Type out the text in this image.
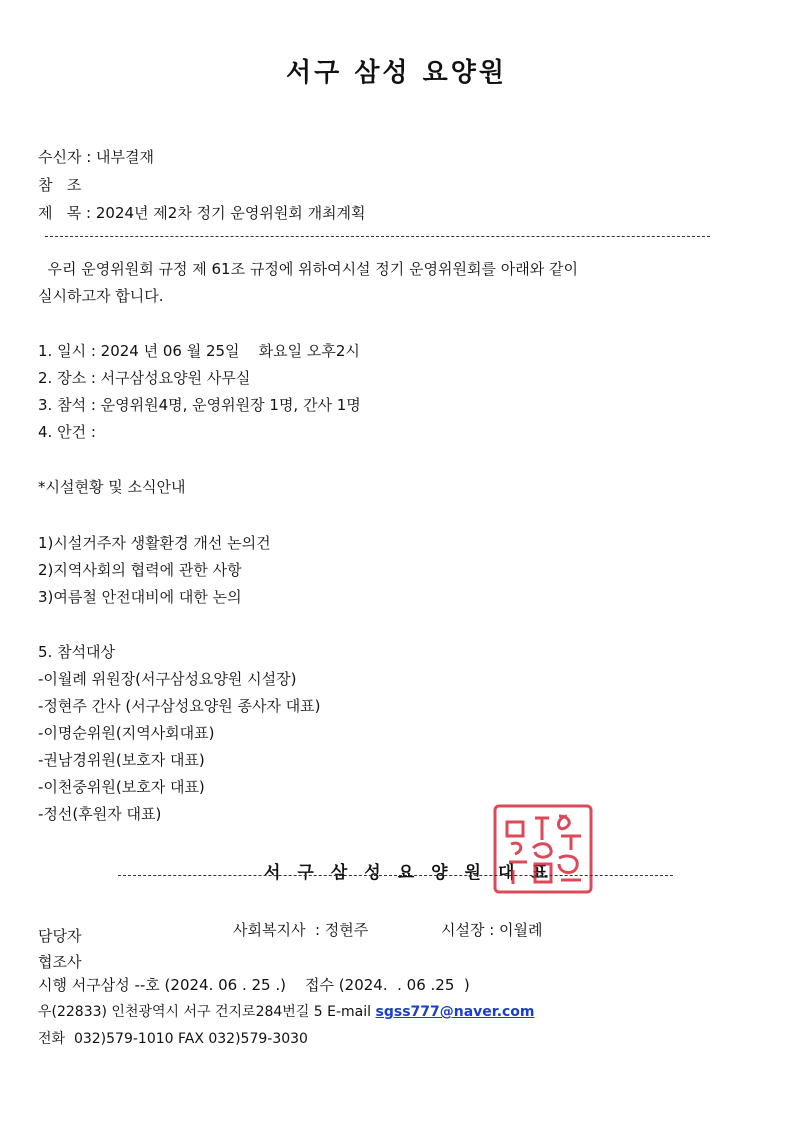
서구 삼성 요양원
수신자 : 내부결재
참   조
제   목 : 2024년 제2차 정기 운영위원회 개최계획
우리 운영위원회 규정 제 61조 규정에 위하여시설 정기 운영위원회를 아래와 같이
실시하고자 합니다.
1. 일시 : 2024 년 06 월 25일    화요일 오후2시
2. 장소 : 서구삼성요양원 사무실
3. 참석 : 운영위원4명, 운영위원장 1명, 간사 1명
4. 안건 :
*시설현황 및 소식안내
1)시설거주자 생활환경 개선 논의건
2)지역사회의 협력에 관한 사항
3)여름철 안전대비에 대한 논의
5. 참석대상
-이월례 위원장(서구삼성요양원 시설장)
-정현주 간사 (서구삼성요양원 종사자 대표)
-이명순위원(지역사회대표)
-권남경위원(보호자 대표)
-이천중위원(보호자 대표)
-정선(후원자 대표)
서구삼성요양원대표
담당자	사회복지사  : 정현주	시설장 : 이월례
협조사
시행 서구삼성 --호 (2024. 06 . 25 .)    접수 (2024.  . 06 .25  )
우(22833) 인천광역시 서구 건지로284번길 5 E-mail sgss777@naver.com
전화  032)579-1010 FAX 032)579-3030
